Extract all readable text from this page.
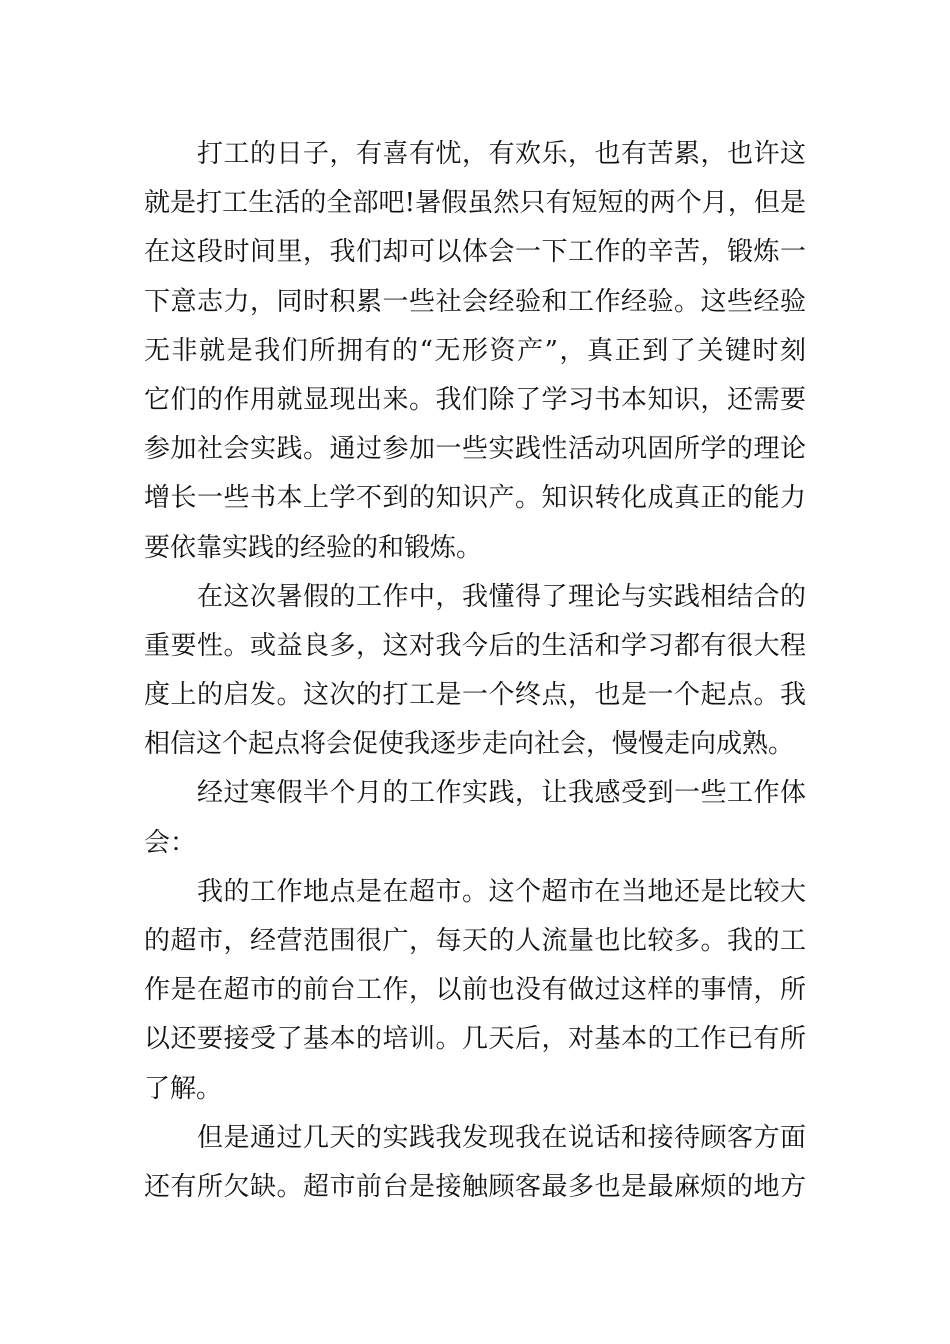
打工的日子，有喜有忧，有欢乐，也有苦累，也许这
就是打工生活的全部吧!暑假虽然只有短短的两个月，但是
在这段时间里，我们却可以体会一下工作的辛苦，锻炼一
下意志力，同时积累一些社会经验和工作经验。这些经验
无非就是我们所拥有的“无形资产”，真正到了关键时刻
它们的作用就显现出来。我们除了学习书本知识，还需要
参加社会实践。通过参加一些实践性活动巩固所学的理论
增长一些书本上学不到的知识产。知识转化成真正的能力
要依靠实践的经验的和锻炼。
在这次暑假的工作中，我懂得了理论与实践相结合的
重要性。或益良多，这对我今后的生活和学习都有很大程
度上的启发。这次的打工是一个终点，也是一个起点。我
相信这个起点将会促使我逐步走向社会，慢慢走向成熟。
经过寒假半个月的工作实践，让我感受到一些工作体
会：
我的工作地点是在超市。这个超市在当地还是比较大
的超市，经营范围很广，每天的人流量也比较多。我的工
作是在超市的前台工作，以前也没有做过这样的事情，所
以还要接受了基本的培训。几天后，对基本的工作已有所
了解。
但是通过几天的实践我发现我在说话和接待顾客方面
还有所欠缺。超市前台是接触顾客最多也是最麻烦的地方
